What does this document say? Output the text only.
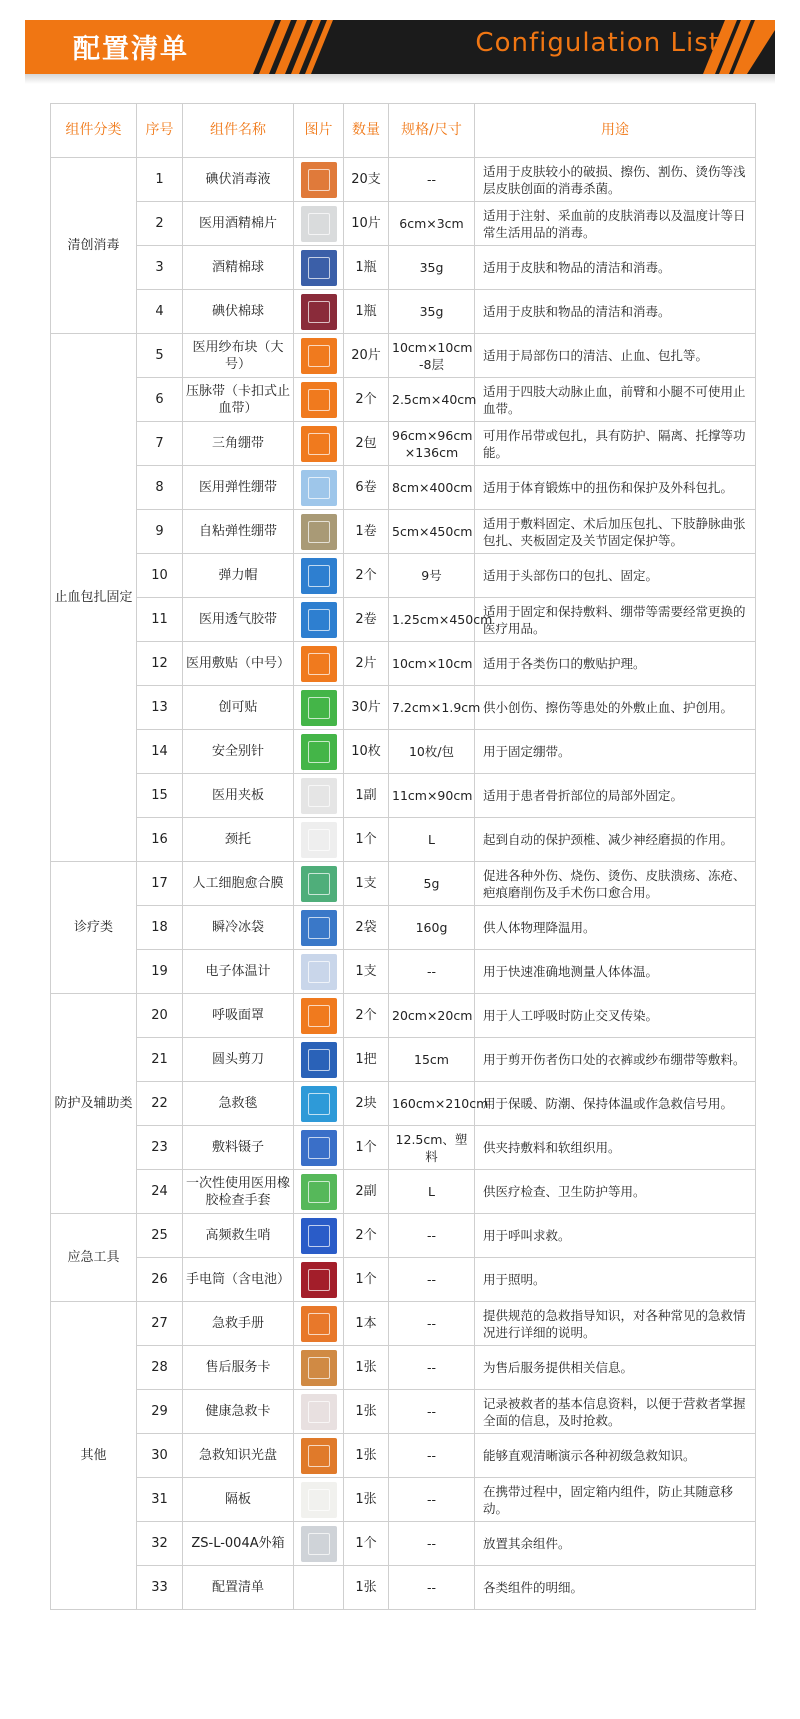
配置清单	Configulation List
组件分类	序号	组件名称	图片	数量	规格/尺寸	用途
清创消毒	1	碘伏消毒液		20支	--	适用于皮肤较小的破损、擦伤、割伤、烫伤等浅层皮肤创面的消毒杀菌。
	2	医用酒精棉片		10片	6cm×3cm	适用于注射、采血前的皮肤消毒以及温度计等日常生活用品的消毒。
	3	酒精棉球		1瓶	35g	适用于皮肤和物品的清洁和消毒。
	4	碘伏棉球		1瓶	35g	适用于皮肤和物品的清洁和消毒。
止血包扎固定	5	医用纱布块（大号）		20片	10cm×10cm -8层	适用于局部伤口的清洁、止血、包扎等。
	6	压脉带（卡扣式止血带）		2个	2.5cm×40cm	适用于四肢大动脉止血，前臂和小腿不可使用止血带。
	7	三角绷带		2包	96cm×96cm ×136cm	可用作吊带或包扎，具有防护、隔离、托撑等功能。
	8	医用弹性绷带		6卷	8cm×400cm	适用于体育锻炼中的扭伤和保护及外科包扎。
	9	自粘弹性绷带		1卷	5cm×450cm	适用于敷料固定、术后加压包扎、下肢静脉曲张包扎、夹板固定及关节固定保护等。
	10	弹力帽		2个	9号	适用于头部伤口的包扎、固定。
	11	医用透气胶带		2卷	1.25cm×450cm	适用于固定和保持敷料、绷带等需要经常更换的医疗用品。
	12	医用敷贴（中号）		2片	10cm×10cm	适用于各类伤口的敷贴护理。
	13	创可贴		30片	7.2cm×1.9cm	供小创伤、擦伤等患处的外敷止血、护创用。
	14	安全别针		10枚	10枚/包	用于固定绷带。
	15	医用夹板		1副	11cm×90cm	适用于患者骨折部位的局部外固定。
	16	颈托		1个	L	起到自动的保护颈椎、减少神经磨损的作用。
诊疗类	17	人工细胞愈合膜		1支	5g	促进各种外伤、烧伤、烫伤、皮肤溃疡、冻疮、疤痕磨削伤及手术伤口愈合用。
	18	瞬冷冰袋		2袋	160g	供人体物理降温用。
	19	电子体温计		1支	--	用于快速准确地测量人体体温。
防护及辅助类	20	呼吸面罩		2个	20cm×20cm	用于人工呼吸时防止交叉传染。
	21	圆头剪刀		1把	15cm	用于剪开伤者伤口处的衣裤或纱布绷带等敷料。
	22	急救毯		2块	160cm×210cm	用于保暖、防潮、保持体温或作急救信号用。
	23	敷料镊子		1个	12.5cm、塑料	供夹持敷料和软组织用。
	24	一次性使用医用橡胶检查手套		2副	L	供医疗检查、卫生防护等用。
应急工具	25	高频救生哨		2个	--	用于呼叫求救。
	26	手电筒（含电池）		1个	--	用于照明。
其他	27	急救手册		1本	--	提供规范的急救指导知识，对各种常见的急救情况进行详细的说明。
	28	售后服务卡		1张	--	为售后服务提供相关信息。
	29	健康急救卡		1张	--	记录被救者的基本信息资料，以便于营救者掌握全面的信息，及时抢救。
	30	急救知识光盘		1张	--	能够直观清晰演示各种初级急救知识。
	31	隔板		1张	--	在携带过程中，固定箱内组件，防止其随意移动。
	32	ZS-L-004A外箱		1个	--	放置其余组件。
	33	配置清单		1张	--	各类组件的明细。
